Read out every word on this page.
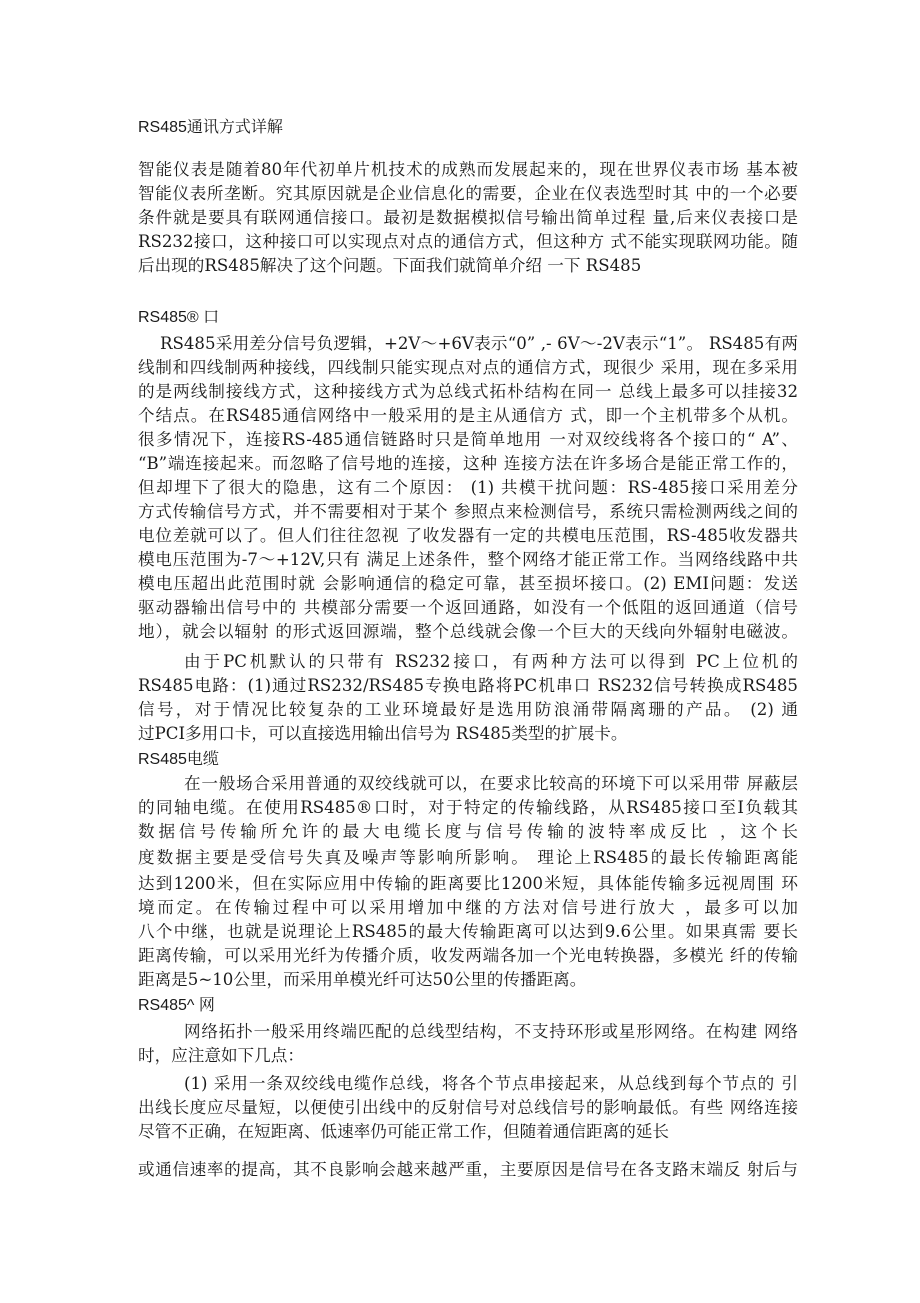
RS485通讯方式详解
智能仪表是随着80年代初单片机技术的成熟而发展起来的，现在世界仪表市场 基本被
智能仪表所垄断。究其原因就是企业信息化的需要，企业在仪表选型时其 中的一个必要
条件就是要具有联网通信接口。最初是数据模拟信号输出简单过程 量,后来仪表接口是
RS232接口，这种接口可以实现点对点的通信方式，但这种方 式不能实现联网功能。随
后出现的RS485解决了这个问题。下面我们就简单介绍 一下 RS485
RS485® 口
RS485采用差分信号负逻辑，+2V～+6V表示“0” ,- 6V～-2V表示“1”。 RS485有两
线制和四线制两种接线，四线制只能实现点对点的通信方式，现很少 采用，现在多采用
的是两线制接线方式，这种接线方式为总线式拓朴结构在同一 总线上最多可以挂接32
个结点。在RS485通信网络中一般采用的是主从通信方 式，即一个主机带多个从机。
很多情况下，连接RS-485通信链路时只是简单地用 一对双绞线将各个接口的“ A”、
“B”端连接起来。而忽略了信号地的连接，这种 连接方法在许多场合是能正常工作的，
但却埋下了很大的隐患，这有二个原因： (1) 共模干扰问题：RS-485接口采用差分
方式传输信号方式，并不需要相对于某个 参照点来检测信号，系统只需检测两线之间的
电位差就可以了。但人们往往忽视 了收发器有一定的共模电压范围，RS-485收发器共
模电压范围为-7～+12V,只有 满足上述条件，整个网络才能正常工作。当网络线路中共
模电压超出此范围时就 会影响通信的稳定可靠，甚至损坏接口。(2) EMI问题：发送
驱动器输出信号中的 共模部分需要一个返回通路，如没有一个低阻的返回通道（信号
地），就会以辐射 的形式返回源端，整个总线就会像一个巨大的天线向外辐射电磁波。
由于PC机默认的只带有 RS232接口，有两种方法可以得到 PC上位机的
RS485电路：(1)通过RS232/RS485专换电路将PC机串口 RS232信号转换成RS485
信号，对于情况比较复杂的工业环境最好是选用防浪涌带隔离珊的产品。 (2) 通
过PCI多用口卡，可以直接选用输出信号为 RS485类型的扩展卡。
RS485电缆
在一般场合采用普通的双绞线就可以，在要求比较高的环境下可以采用带 屏蔽层
的同轴电缆。在使用RS485®口时，对于特定的传输线路，从RS485接口至I负载其
数据信号传输所允许的最大电缆长度与信号传输的波特率成反比 ，这个长
度数据主要是受信号失真及噪声等影响所影响。 理论上RS485的最长传输距离能
达到1200米，但在实际应用中传输的距离要比1200米短，具体能传输多远视周围 环
境而定。在传输过程中可以采用增加中继的方法对信号进行放大 ，最多可以加
八个中继，也就是说理论上RS485的最大传输距离可以达到9.6公里。如果真需 要长
距离传输，可以采用光纤为传播介质，收发两端各加一个光电转换器，多模光 纤的传输
距离是5~10公里，而采用单模光纤可达50公里的传播距离。
RS485^ 网
网络拓扑一般采用终端匹配的总线型结构，不支持环形或星形网络。在构建 网络
时，应注意如下几点：
(1) 采用一条双绞线电缆作总线，将各个节点串接起来，从总线到每个节点的 引
出线长度应尽量短，以便使引出线中的反射信号对总线信号的影响最低。有些 网络连接
尽管不正确，在短距离、低速率仍可能正常工作，但随着通信距离的延长
或通信速率的提高，其不良影响会越来越严重，主要原因是信号在各支路末端反 射后与
